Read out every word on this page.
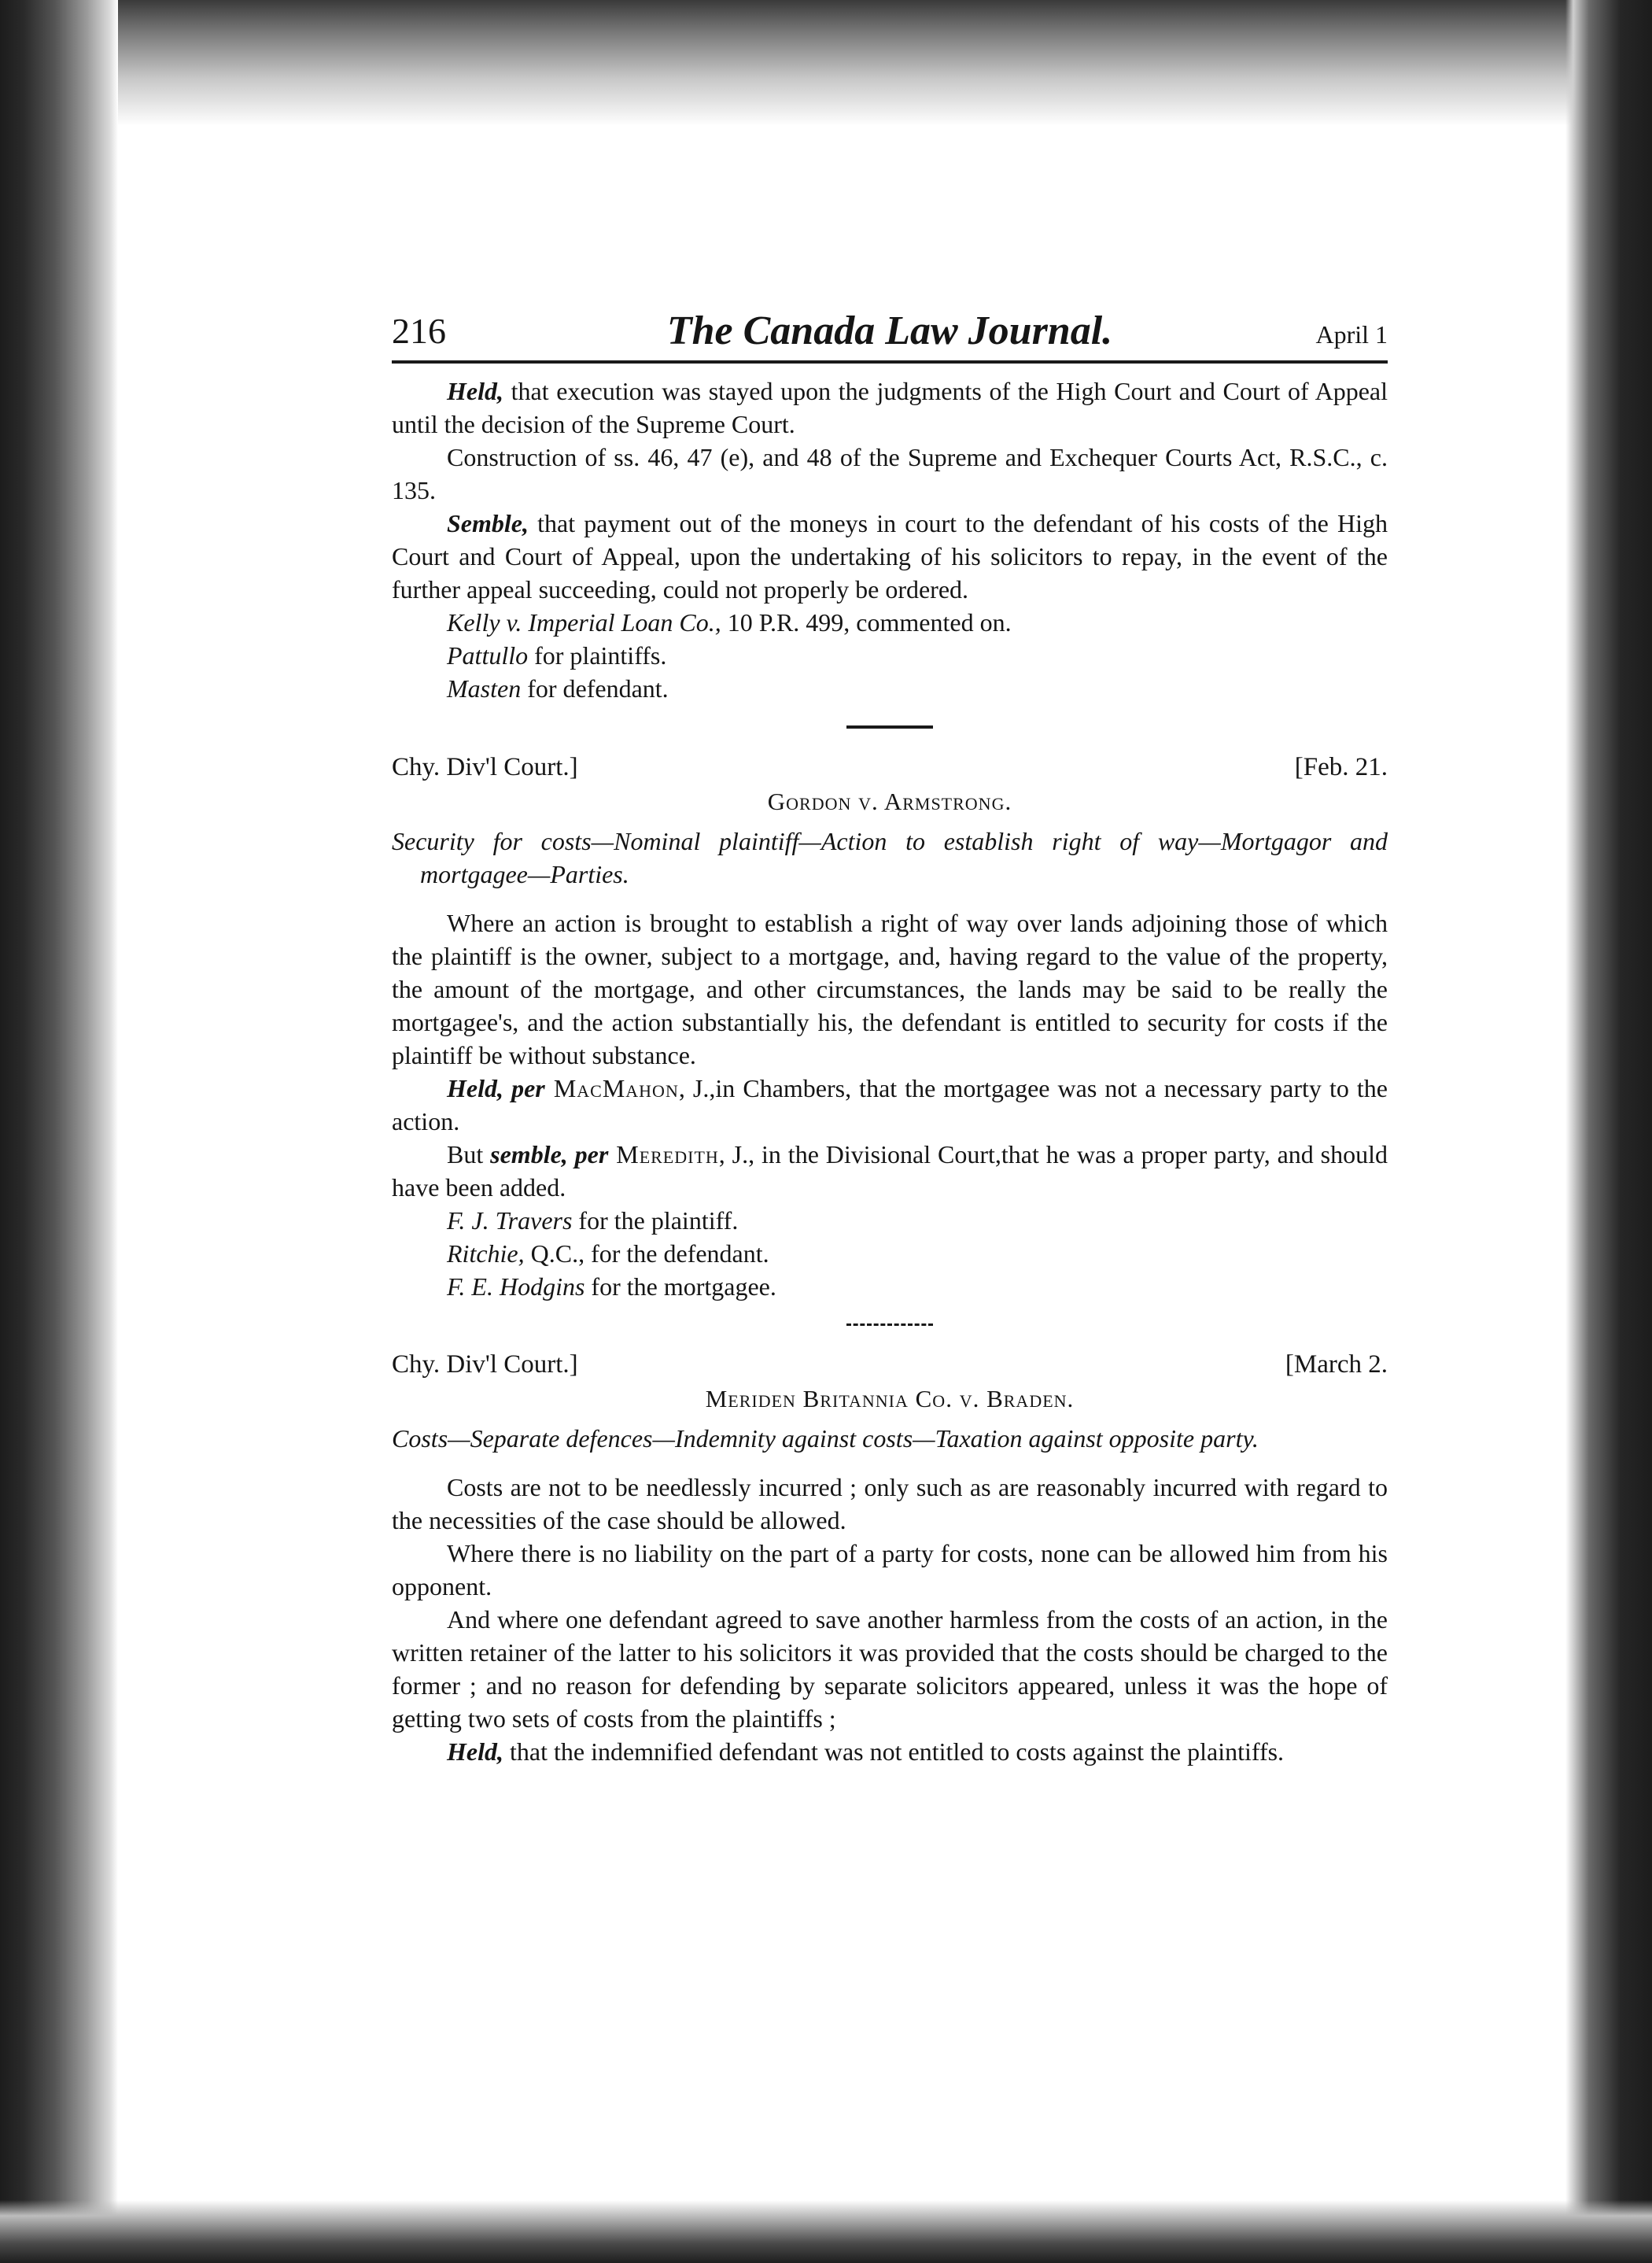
216	The Canada Law Journal.	April 1

Held, that execution was stayed upon the judgments of the High Court and Court of Appeal until the decision of the Supreme Court.

Construction of ss. 46, 47 (e), and 48 of the Supreme and Exchequer Courts Act, R.S.C., c. 135.

Semble, that payment out of the moneys in court to the defendant of his costs of the High Court and Court of Appeal, upon the undertaking of his solicitors to repay, in the event of the further appeal succeeding, could not properly be ordered.

Kelly v. Imperial Loan Co., 10 P.R. 499, commented on.

Pattullo for plaintiffs.

Masten for defendant.

Chy. Div'l Court.]	[Feb. 21.
Gordon v. Armstrong.

Security for costs—Nominal plaintiff—Action to establish right of way—Mortgagor and mortgagee—Parties.

Where an action is brought to establish a right of way over lands adjoining those of which the plaintiff is the owner, subject to a mortgage, and, having regard to the value of the property, the amount of the mortgage, and other circumstances, the lands may be said to be really the mortgagee's, and the action substantially his, the defendant is entitled to security for costs if the plaintiff be without substance.

Held, per MacMahon, J.,in Chambers, that the mortgagee was not a necessary party to the action.

But semble, per Meredith, J., in the Divisional Court,that he was a proper party, and should have been added.

F. J. Travers for the plaintiff.

Ritchie, Q.C., for the defendant.

F. E. Hodgins for the mortgagee.

Chy. Div'l Court.]	[March 2.
Meriden Britannia Co. v. Braden.

Costs—Separate defences—Indemnity against costs—Taxation against opposite party.

Costs are not to be needlessly incurred ; only such as are reasonably incurred with regard to the necessities of the case should be allowed.

Where there is no liability on the part of a party for costs, none can be allowed him from his opponent.

And where one defendant agreed to save another harmless from the costs of an action, in the written retainer of the latter to his solicitors it was provided that the costs should be charged to the former ; and no reason for defending by separate solicitors appeared, unless it was the hope of getting two sets of costs from the plaintiffs ;

Held, that the indemnified defendant was not entitled to costs against the plaintiffs.
